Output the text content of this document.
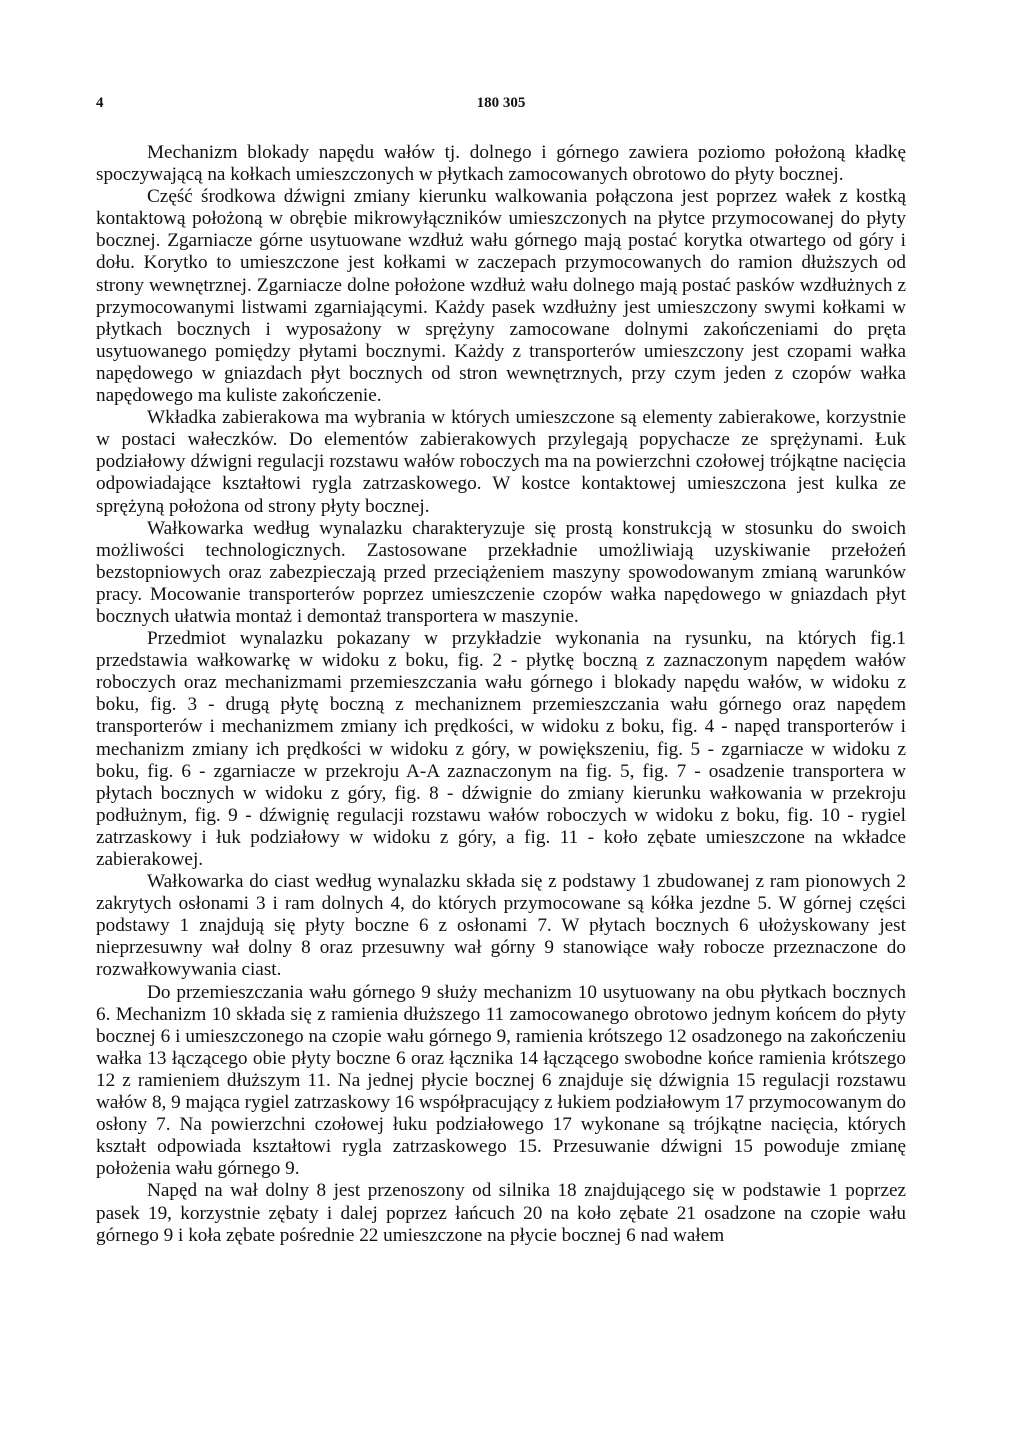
4	180 305

Mechanizm blokady napędu wałów tj. dolnego i górnego zawiera poziomo położoną kładkę spoczywającą na kołkach umieszczonych w płytkach zamocowanych obrotowo do płyty bocznej.

Część środkowa dźwigni zmiany kierunku walkowania połączona jest poprzez wałek z kostką kontaktową położoną w obrębie mikrowyłączników umieszczonych na płytce przymocowanej do płyty bocznej. Zgarniacze górne usytuowane wzdłuż wału górnego mają postać korytka otwartego od góry i dołu. Korytko to umieszczone jest kołkami w zaczepach przymocowanych do ramion dłuższych od strony wewnętrznej. Zgarniacze dolne położone wzdłuż wału dolnego mają postać pasków wzdłużnych z przymocowanymi listwami zgarniającymi. Każdy pasek wzdłużny jest umieszczony swymi kołkami w płytkach bocznych i wyposażony w sprężyny zamocowane dolnymi zakończeniami do pręta usytuowanego pomiędzy płytami bocznymi. Każdy z transporterów umieszczony jest czopami wałka napędowego w gniazdach płyt bocznych od stron wewnętrznych, przy czym jeden z czopów wałka napędowego ma kuliste zakończenie.

Wkładka zabierakowa ma wybrania w których umieszczone są elementy zabierakowe, korzystnie w postaci wałeczków. Do elementów zabierakowych przylegają popychacze ze sprężynami. Łuk podziałowy dźwigni regulacji rozstawu wałów roboczych ma na powierzchni czołowej trójkątne nacięcia odpowiadające kształtowi rygla zatrzaskowego. W kostce kontaktowej umieszczona jest kulka ze sprężyną położona od strony płyty bocznej.

Wałkowarka według wynalazku charakteryzuje się prostą konstrukcją w stosunku do swoich możliwości technologicznych. Zastosowane przekładnie umożliwiają uzyskiwanie przełożeń bezstopniowych oraz zabezpieczają przed przeciążeniem maszyny spowodowanym zmianą warunków pracy. Mocowanie transporterów poprzez umieszczenie czopów wałka napędowego w gniazdach płyt bocznych ułatwia montaż i demontaż transportera w maszynie.

Przedmiot wynalazku pokazany w przykładzie wykonania na rysunku, na których fig.1 przedstawia wałkowarkę w widoku z boku, fig. 2 - płytkę boczną z zaznaczonym napędem wałów roboczych oraz mechanizmami przemieszczania wału górnego i blokady napędu wałów, w widoku z boku, fig. 3 - drugą płytę boczną z mechaniznem przemieszczania wału górnego oraz napędem transporterów i mechanizmem zmiany ich prędkości, w widoku z boku, fig. 4 - napęd transporterów i mechanizm zmiany ich prędkości w widoku z góry, w powiększeniu, fig. 5 - zgarniacze w widoku z boku, fig. 6 - zgarniacze w przekroju A-A zaznaczonym na fig. 5, fig. 7 - osadzenie transportera w płytach bocznych w widoku z góry, fig. 8 - dźwignie do zmiany kierunku wałkowania w przekroju podłużnym, fig. 9 - dźwignię regulacji rozstawu wałów roboczych w widoku z boku, fig. 10 - rygiel zatrzaskowy i łuk podziałowy w widoku z góry, a fig. 11 - koło zębate umieszczone na wkładce zabierakowej.

Wałkowarka do ciast według wynalazku składa się z podstawy 1 zbudowanej z ram pionowych 2 zakrytych osłonami 3 i ram dolnych 4, do których przymocowane są kółka jezdne 5. W górnej części podstawy 1 znajdują się płyty boczne 6 z osłonami 7. W płytach bocznych 6 ułożyskowany jest nieprzesuwny wał dolny 8 oraz przesuwny wał górny 9 stanowiące wały robocze przeznaczone do rozwałkowywania ciast.

Do przemieszczania wału górnego 9 służy mechanizm 10 usytuowany na obu płytkach bocznych 6. Mechanizm 10 składa się z ramienia dłuższego 11 zamocowanego obrotowo jednym końcem do płyty bocznej 6 i umieszczonego na czopie wału górnego 9, ramienia krótszego 12 osadzonego na zakończeniu wałka 13 łączącego obie płyty boczne 6 oraz łącznika 14 łączącego swobodne końce ramienia krótszego 12 z ramieniem dłuższym 11. Na jednej płycie bocznej 6 znajduje się dźwignia 15 regulacji rozstawu wałów 8, 9 mająca rygiel zatrzaskowy 16 współpracujący z łukiem podziałowym 17 przymocowanym do osłony 7. Na powierzchni czołowej łuku podziałowego 17 wykonane są trójkątne nacięcia, których kształt odpowiada kształtowi rygla zatrzaskowego 15. Przesuwanie dźwigni 15 powoduje zmianę położenia wału górnego 9.

Napęd na wał dolny 8 jest przenoszony od silnika 18 znajdującego się w podstawie 1 poprzez pasek 19, korzystnie zębaty i dalej poprzez łańcuch 20 na koło zębate 21 osadzone na czopie wału górnego 9 i koła zębate pośrednie 22 umieszczone na płycie bocznej 6 nad wałem
